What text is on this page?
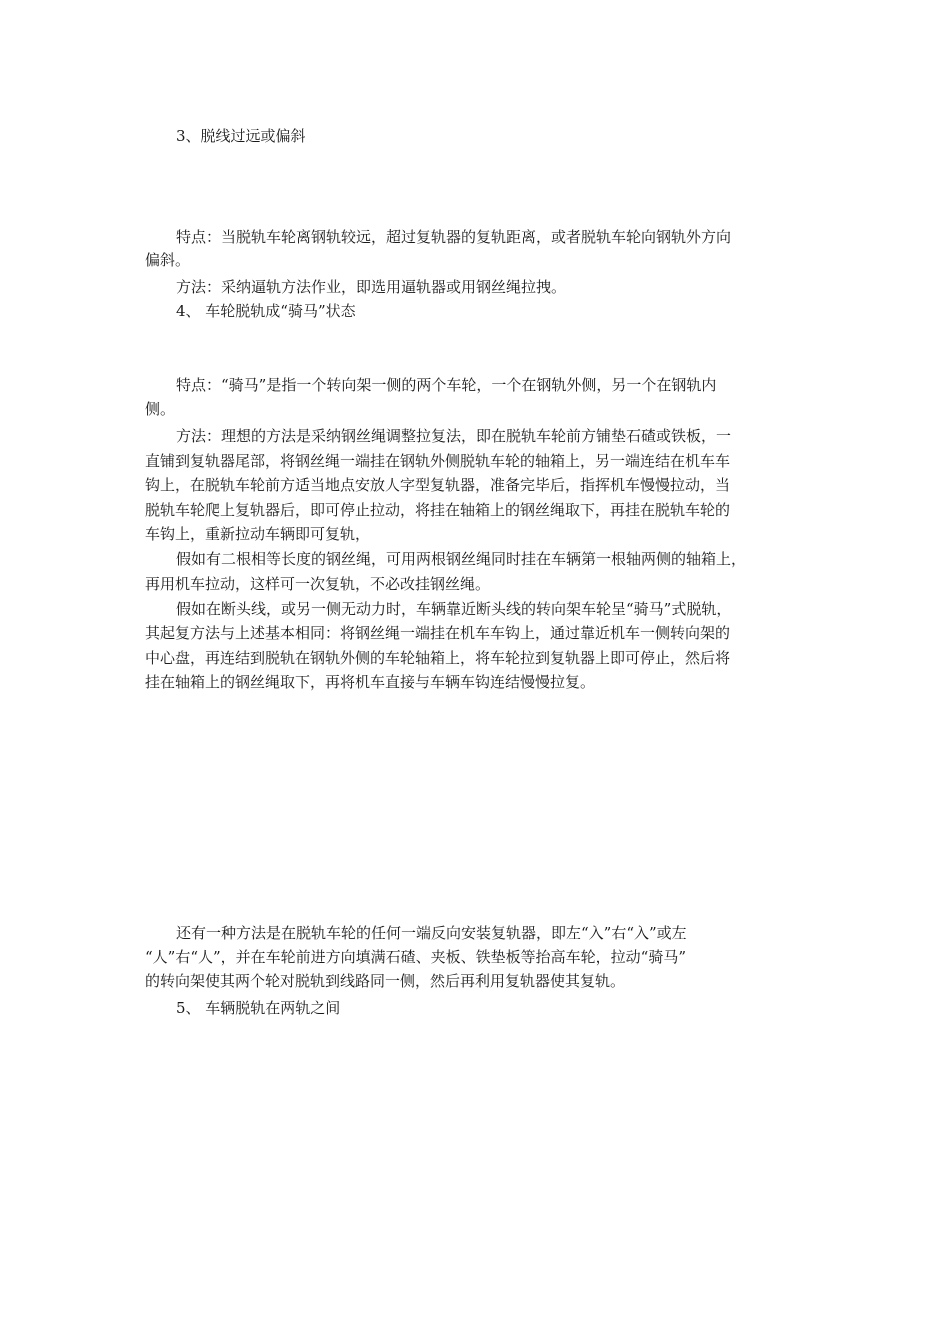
3、脱线过远或偏斜
特点：当脱轨车轮离钢轨较远，超过复轨器的复轨距离，或者脱轨车轮向钢轨外方向
偏斜。
方法：采纳逼轨方法作业，即选用逼轨器或用钢丝绳拉拽。
4、 车轮脱轨成“骑马”状态
特点：“骑马”是指一个转向架一侧的两个车轮，一个在钢轨外侧，另一个在钢轨内
侧。
方法：理想的方法是采纳钢丝绳调整拉复法，即在脱轨车轮前方铺垫石碴或铁板，一
直铺到复轨器尾部，将钢丝绳一端挂在钢轨外侧脱轨车轮的轴箱上，另一端连结在机车车
钩上，在脱轨车轮前方适当地点安放人字型复轨器，准备完毕后，指挥机车慢慢拉动，当
脱轨车轮爬上复轨器后，即可停止拉动，将挂在轴箱上的钢丝绳取下，再挂在脱轨车轮的
车钩上，重新拉动车辆即可复轨，
假如有二根相等长度的钢丝绳，可用两根钢丝绳同时挂在车辆第一根轴两侧的轴箱上，
再用机车拉动，这样可一次复轨，不必改挂钢丝绳。
假如在断头线，或另一侧无动力时，车辆靠近断头线的转向架车轮呈“骑马”式脱轨，
其起复方法与上述基本相同：将钢丝绳一端挂在机车车钩上，通过靠近机车一侧转向架的
中心盘，再连结到脱轨在钢轨外侧的车轮轴箱上，将车轮拉到复轨器上即可停止，然后将
挂在轴箱上的钢丝绳取下，再将机车直接与车辆车钩连结慢慢拉复。
还有一种方法是在脱轨车轮的任何一端反向安装复轨器，即左“入”右“入”或左
“人”右“人”，并在车轮前进方向填满石碴、夹板、铁垫板等抬高车轮，拉动“骑马”
的转向架使其两个轮对脱轨到线路同一侧，然后再利用复轨器使其复轨。
5、 车辆脱轨在两轨之间
